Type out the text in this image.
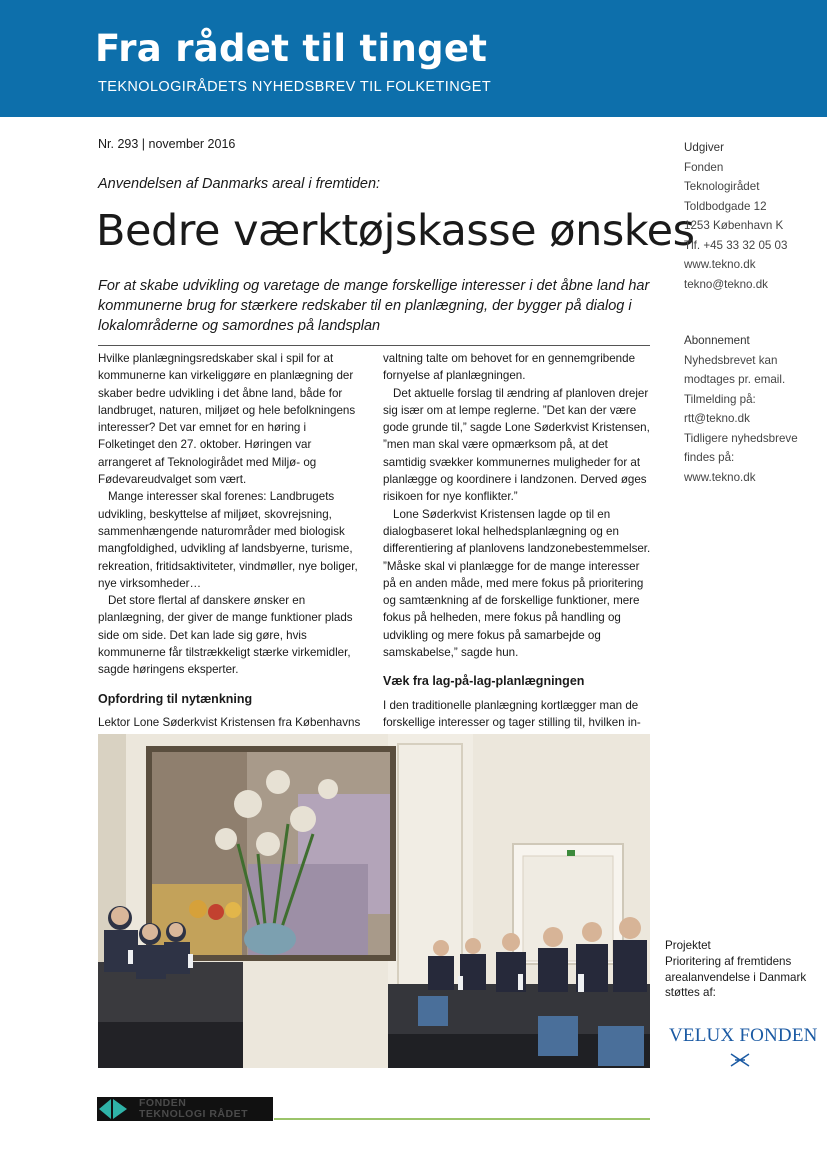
Fra rådet til tinget
TEKNOLOGIRÅDETS NYHEDSBREV TIL FOLKETINGET
Nr. 293 | november 2016
Anvendelsen af Danmarks areal i fremtiden:
Bedre værktøjskasse ønskes

For at skabe udvikling og varetage de mange forskellige interesser i det åbne land har kommunerne brug for stærkere redskaber til en planlægning, der bygger på dialog i lokalområderne og samordnes på landsplan

Hvilke planlægningsredskaber skal i spil for at kommunerne kan virkeliggøre en planlægning der skaber bedre udvikling i det åbne land, både for landbruget, naturen, miljøet og hele befolkningens interesser? Det var emnet for en høring i Folketinget den 27. oktober. Høringen var arrangeret af Teknologirådet med Miljø- og Fødevareudvalget som vært.

Mange interesser skal forenes: Landbrugets udvikling, beskyttelse af miljøet, skovrejsning, sammenhængende naturområder med biologisk mangfoldighed, udvikling af landsbyerne, turisme, rekreation, fritidsaktiviteter, vindmøller, nye boliger, nye virksomheder…

Det store flertal af danskere ønsker en planlægning, der giver de mange funktioner plads side om side. Det kan lade sig gøre, hvis kommunerne får tilstrækkeligt stærke virkemidler, sagde høringens eksperter.

Opfordring til nytænkning

Lektor Lone Søderkvist Kristensen fra Københavns

valtning talte om behovet for en gennemgribende fornyelse af planlægningen.

Det aktuelle forslag til ændring af planloven drejer sig især om at lempe reglerne. ”Det kan der være gode grunde til,” sagde Lone Søderkvist Kristensen, ”men man skal være opmærksom på, at det samtidig svækker kommunernes muligheder for at planlægge og koordinere i landzonen. Derved øges risikoen for nye konflikter.”

Lone Søderkvist Kristensen lagde op til en dialogbaseret lokal helhedsplanlægning og en differentiering af planlovens landzonebestemmelser. ”Måske skal vi planlægge for de mange interesser på en anden måde, med mere fokus på prioritering og samtænkning af de forskellige funktioner, mere fokus på helheden, mere fokus på handling og udvikling og mere fokus på samarbejde og samskabelse,” sagde hun.

Væk fra lag-på-lag-planlægningen

I den traditionelle planlægning kortlægger man de forskellige interesser og tager stilling til, hvilken in-

Udgiver
Fonden
Teknologirådet
Toldbodgade 12
1253 København K
Tlf. +45 33 32 05 03
www.tekno.dk
tekno@tekno.dk
Abonnement
Nyhedsbrevet kan
modtages pr. email.
Tilmelding på:
rtt@tekno.dk
Tidligere nyhedsbreve
findes på:
www.tekno.dk
Projektet
Prioritering af fremtidens
arealanvendelse i Danmark
støttes af:
VELUX FONDEN
FONDEN
TEKNOLOGI RÅDET
